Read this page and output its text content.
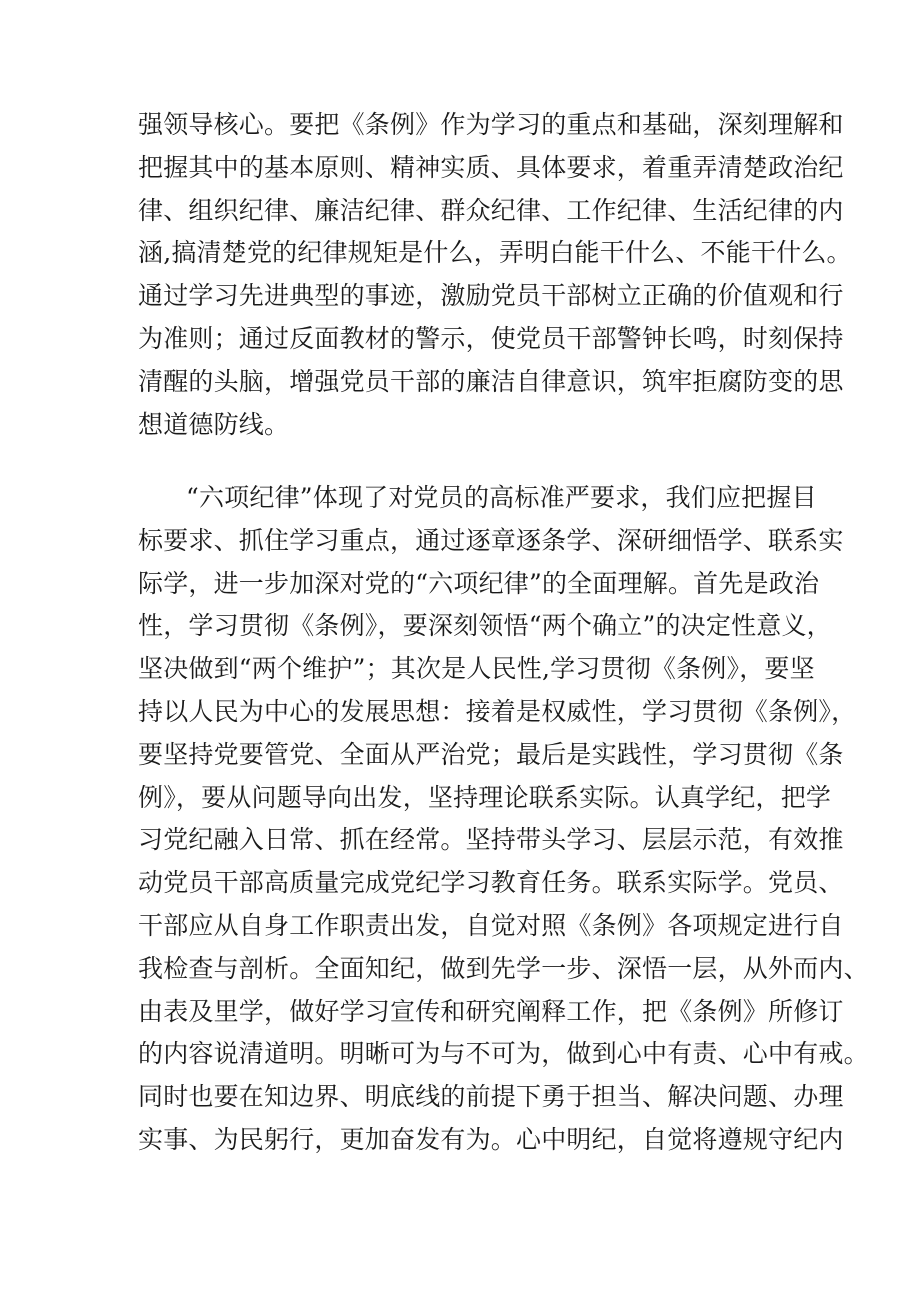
强领导核心。要把《条例》作为学习的重点和基础，深刻理解和
把握其中的基本原则、精神实质、具体要求，着重弄清楚政治纪
律、组织纪律、廉洁纪律、群众纪律、工作纪律、生活纪律的内
涵,搞清楚党的纪律规矩是什么，弄明白能干什么、不能干什么。
通过学习先进典型的事迹，激励党员干部树立正确的价值观和行
为准则；通过反面教材的警示，使党员干部警钟长鸣，时刻保持
清醒的头脑，增强党员干部的廉洁自律意识，筑牢拒腐防变的思
想道德防线。
“六项纪律”体现了对党员的高标准严要求，我们应把握目
标要求、抓住学习重点，通过逐章逐条学、深研细悟学、联系实
际学，进一步加深对党的“六项纪律”的全面理解。首先是政治
性，学习贯彻《条例》，要深刻领悟“两个确立”的决定性意义，
坚决做到“两个维护”；其次是人民性,学习贯彻《条例》，要坚
持以人民为中心的发展思想：接着是权威性，学习贯彻《条例》，
要坚持党要管党、全面从严治党；最后是实践性，学习贯彻《条
例》，要从问题导向出发，坚持理论联系实际。认真学纪，把学
习党纪融入日常、抓在经常。坚持带头学习、层层示范，有效推
动党员干部高质量完成党纪学习教育任务。联系实际学。党员、
干部应从自身工作职责出发，自觉对照《条例》各项规定进行自
我检查与剖析。全面知纪，做到先学一步、深悟一层，从外而内、
由表及里学，做好学习宣传和研究阐释工作，把《条例》所修订
的内容说清道明。明晰可为与不可为，做到心中有责、心中有戒。
同时也要在知边界、明底线的前提下勇于担当、解决问题、办理
实事、为民躬行，更加奋发有为。心中明纪，自觉将遵规守纪内
